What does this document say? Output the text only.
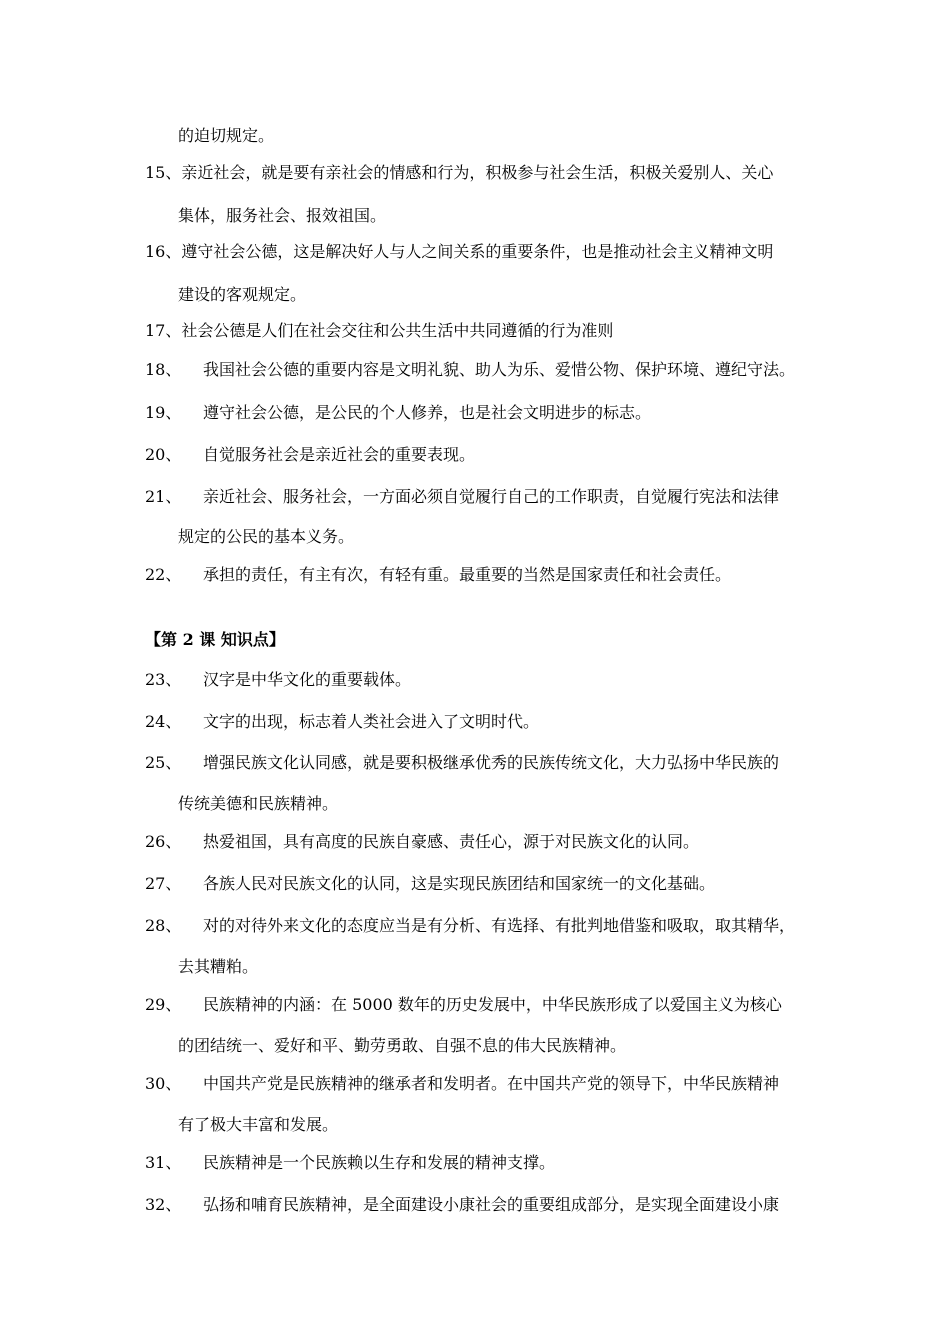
的迫切规定。
15、亲近社会，就是要有亲社会的情感和行为，积极参与社会生活，积极关爱别人、关心
集体，服务社会、报效祖国。
16、遵守社会公德，这是解决好人与人之间关系的重要条件，也是推动社会主义精神文明
建设的客观规定。
17、社会公德是人们在社会交往和公共生活中共同遵循的行为准则
18、 我国社会公德的重要内容是文明礼貌、助人为乐、爱惜公物、保护环境、遵纪守法。
19、 遵守社会公德，是公民的个人修养，也是社会文明进步的标志。
20、 自觉服务社会是亲近社会的重要表现。
21、 亲近社会、服务社会，一方面必须自觉履行自己的工作职责，自觉履行宪法和法律
规定的公民的基本义务。
22、 承担的责任，有主有次，有轻有重。最重要的当然是国家责任和社会责任。
【第 2 课 知识点】
23、 汉字是中华文化的重要载体。
24、 文字的出现，标志着人类社会进入了文明时代。
25、 增强民族文化认同感，就是要积极继承优秀的民族传统文化，大力弘扬中华民族的
传统美德和民族精神。
26、 热爱祖国，具有高度的民族自豪感、责任心，源于对民族文化的认同。
27、 各族人民对民族文化的认同，这是实现民族团结和国家统一的文化基础。
28、 对的对待外来文化的态度应当是有分析、有选择、有批判地借鉴和吸取，取其精华，
去其糟粕。
29、 民族精神的内涵：在 5000 数年的历史发展中，中华民族形成了以爱国主义为核心
的团结统一、爱好和平、勤劳勇敢、自强不息的伟大民族精神。
30、 中国共产党是民族精神的继承者和发明者。在中国共产党的领导下，中华民族精神
有了极大丰富和发展。
31、 民族精神是一个民族赖以生存和发展的精神支撑。
32、 弘扬和哺育民族精神，是全面建设小康社会的重要组成部分，是实现全面建设小康
